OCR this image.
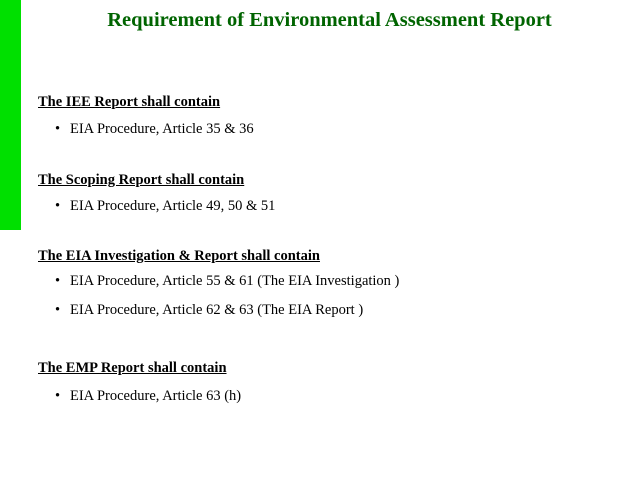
Requirement of Environmental Assessment Report
The IEE Report shall contain
• EIA Procedure, Article 35 & 36
The Scoping Report shall contain
• EIA Procedure, Article 49, 50 & 51
The EIA Investigation & Report shall contain
• EIA Procedure, Article 55 & 61 (The EIA Investigation )
• EIA Procedure, Article 62 & 63 (The EIA Report )
The EMP Report shall contain
• EIA Procedure, Article 63 (h)
